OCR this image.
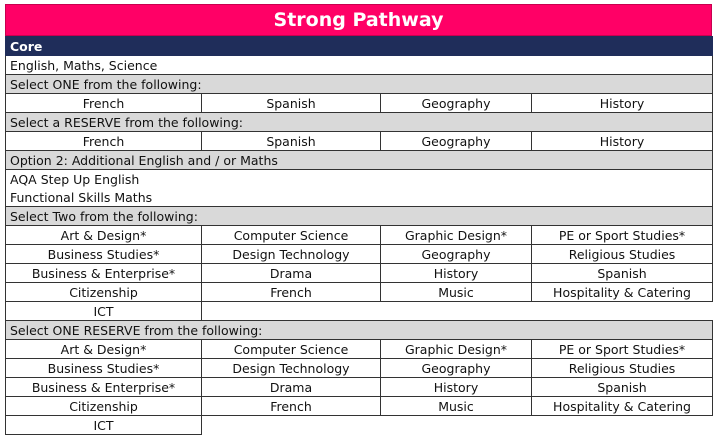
Strong Pathway
Core			
English, Maths, Science			
Select ONE from the following:			
French	Spanish	Geography	History
Select a RESERVE from the following:			
French	Spanish	Geography	History
Option 2: Additional English and / or Maths			
AQA Step Up English			
Functional Skills Maths			
Select Two from the following:			
Art & Design*	Computer Science	Graphic Design*	PE or Sport Studies*
Business Studies*	Design Technology	Geography	Religious Studies
Business & Enterprise*	Drama	History	Spanish
Citizenship	French	Music	Hospitality & Catering
ICT			
Select ONE RESERVE from the following:			
Art & Design*	Computer Science	Graphic Design*	PE or Sport Studies*
Business Studies*	Design Technology	Geography	Religious Studies
Business & Enterprise*	Drama	History	Spanish
Citizenship	French	Music	Hospitality & Catering
ICT			
